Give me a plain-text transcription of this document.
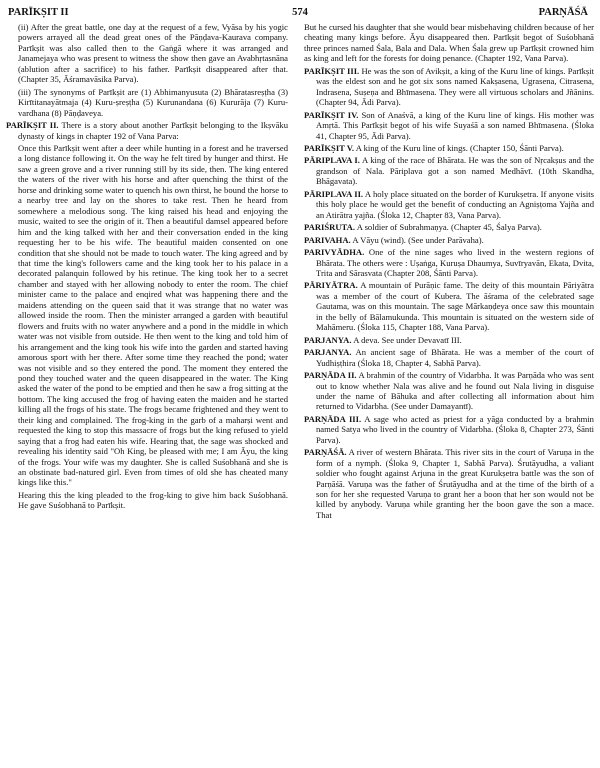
PARĪKṢIT II	574	PARṆĀŚĀ

(ii) After the great battle, one day at the request of a few, Vyāsa by his yogic powers arrayed all the dead great ones of the Pāṇḍava-Kaurava company. Parīkṣit was also called then to the Gaṅgā where it was arranged and Janamejaya who was present to witness the show then gave an Avabhṛtasnāna (ablution after a sacrifice) to his father. Parīkṣit disappeared after that. (Chapter 35, Āśramavāsika Parva).

(iii) The synonyms of Parīkṣit are (1) Abhimanyusuta (2) Bhāratasreṣṭha (3) Kirītitanayātmaja (4) Kuru-ṣreṣṭha (5) Kurunandana (6) Kururāja (7) Kuru-vardhana (8) Pāṇḍaveya.

PARĪKṢIT II. There is a story about another Parīkṣit belonging to the Ikṣvāku dynasty of kings in chapter 192 of Vana Parva:

Once this Parīkṣit went after a deer while hunting in a forest and he traversed a long distance following it. On the way he felt tired by hunger and thirst. He saw a green grove and a river running still by its side, then. The king entered the waters of the river with his horse and after quenching the thirst of the horse and drinking some water to quench his own thirst, he bound the horse to a nearby tree and lay on the shores to take rest. Then he heard from somewhere a melodious song. The king raised his head and enjoying the music, waited to see the origin of it. Then a beautiful damsel appeared before him and the king talked with her and their conversation ended in the king requesting her to be his wife. The beautiful maiden consented on one condition that she should not be made to touch water. The king agreed and by that time the king's followers came and the king took her to his palace in a decorated palanquin followed by his retinue. The king took her to a secret chamber and stayed with her allowing nobody to enter the room. The chief minister came to the palace and enqired what was happening there and the maidens attending on the queen said that it was strange that no water was allowed inside the room. Then the minister arranged a garden with beautiful flowers and fruits with no water anywhere and a pond in the middle in which water was not visible from outside. He then went to the king and told him of his arrangement and the king took his wife into the garden and started having amorous sport with her there. After some time they reached the pond; water was not visible and so they entered the pond. The moment they entered the pond they touched water and the queen disappeared in the water. The King asked the water of the pond to be emptied and then he saw a frog sitting at the bottom. The king accused the frog of having eaten the maiden and he started killing all the frogs of his state. The frogs became frightened and they went to their king and complained. The frog-king in the garb of a maharṣi went and requested the king to stop this massacre of frogs but the king refused to yield saying that a frog had eaten his wife. Hearing that, the sage was shocked and revealing his identity said "Oh King, be pleased with me; I am Āyu, the king of the frogs. Your wife was my daughter. She is called Suśobhanā and she is an obstinate bad-natured girl. Even from times of old she has cheated many kings like this."

Hearing this the king pleaded to the frog-king to give him back Suśobhanā. He gave Suśobhanā to Parīkṣit.

But he cursed his daughter that she would bear misbehaving children because of her cheating many kings before. Āyu disappeared then. Parīkṣit begot of Suśobhanā three princes named Śala, Bala and Dala. When Śala grew up Parīkṣit crowned him as king and left for the forests for doing penance. (Chapter 192, Vana Parva).

PARĪKṢIT III. He was the son of Avikṣit, a king of the Kuru line of kings. Parīkṣit was the eldest son and he got six sons named Kakṣasena, Ugrasena, Citrasena, Indrasena, Suṣeṇa and Bhīmasena. They were all virtuous scholars and Jñānins. (Chapter 94, Ādi Parva).

PARĪKṢIT IV. Son of Anaśvā, a king of the Kuru line of kings. His mother was Amṛtā. This Parīkṣit begot of his wife Suyaśā a son named Bhīmasena. (Śloka 41, Chapter 95, Ādi Parva).

PARĪKṢIT V. A king of the Kuru line of kings. (Chapter 150, Śānti Parva).

PĀRIPLAVA I. A king of the race of Bhārata. He was the son of Nṛcakṣus and the grandson of Nala. Pāriplava got a son named Medhāvī. (10th Skandha, Bhāgavata).

PĀRIPLAVA II. A holy place situated on the border of Kurukṣetra. If anyone visits this holy place he would get the benefit of conducting an Agniṣṭoma Yajña and an Atirātra yajña. (Śloka 12, Chapter 83, Vana Parva).

PARIŚRUTA. A soldier of Subrahmaṇya. (Chapter 45, Śalya Parva).

PARIVAHA. A Vāyu (wind). (See under Parāvaha).

PARIVYĀDHA. One of the nine sages who lived in the western regions of Bhārata. The others were : Uṣaṅga, Kuruṣa Dhaumya, Suvīryavān, Ekata, Dvita, Trita and Sārasvata (Chapter 208, Śānti Parva).

PĀRIYĀTRA. A mountain of Purāṇic fame. The deity of this mountain Pāriyātra was a member of the court of Kubera. The āśrama of the celebrated sage Gautama, was on this mountain. The sage Mārkaṇḍeya once saw this mountain in the belly of Bālamukunda. This mountain is situated on the western side of Mahāmeru. (Śloka 115, Chapter 188, Vana Parva).

PARJANYA. A deva. See under Devavatī III.

PARJANYA. An ancient sage of Bhārata. He was a member of the court of Yudhiṣṭhira (Śloka 18, Chapter 4, Sabhā Parva).

PARṆĀDA II. A brahmin of the country of Vidarbha. It was Parṇāda who was sent out to know whether Nala was alive and he found out Nala living in disguise under the name of Bāhuka and after collecting all information about him returned to Vidarbha. (See under Damayantī).

PARṆĀDA III. A sage who acted as priest for a yāga conducted by a brahmin named Satya who lived in the country of Vidarbha. (Śloka 8, Chapter 273, Śānti Parva).

PARṆĀŚĀ. A river of western Bhārata. This river sits in the court of Varuṇa in the form of a nymph. (Śloka 9, Chapter 1, Sabhā Parva). Śrutāyudha, a valiant soldier who fought against Arjuna in the great Kurukṣetra battle was the son of Parṇāśā. Varuṇa was the father of Śrutāyudha and at the time of the birth of a son for her she requested Varuṇa to grant her a boon that her son would not be killed by anybody. Varuṇa while granting her the boon gave the son a mace. That
